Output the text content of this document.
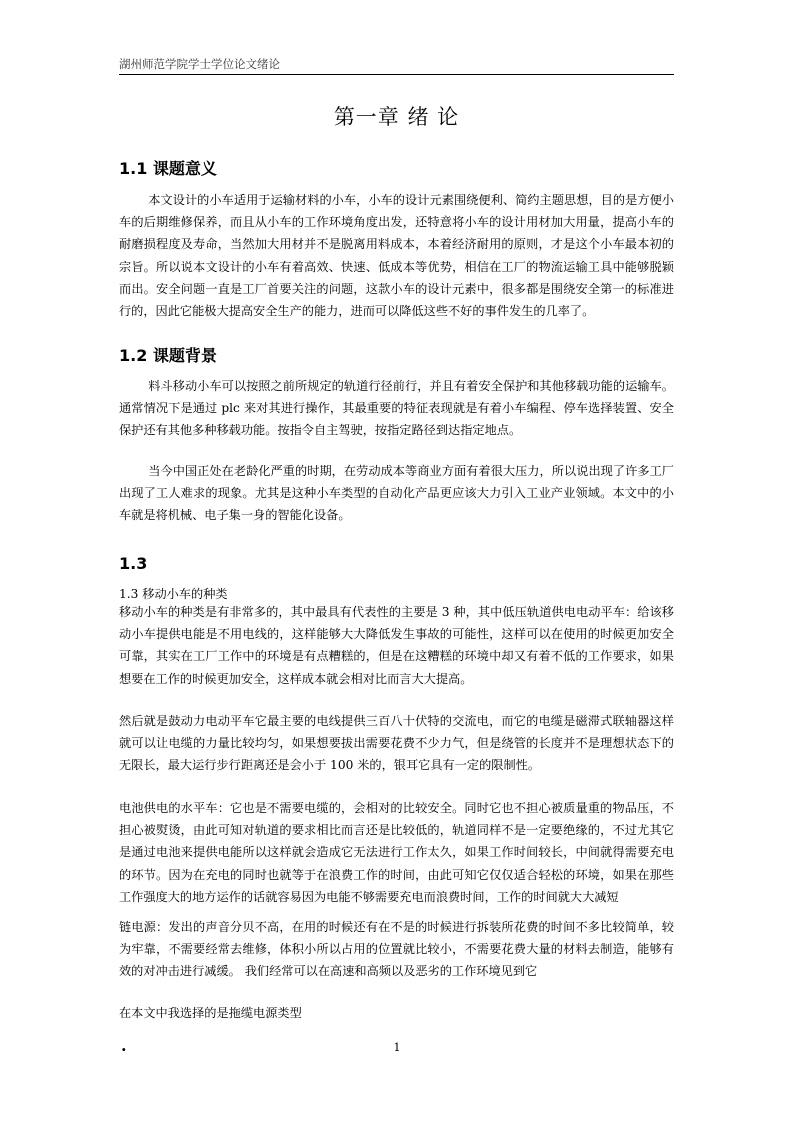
湖州师范学院学士学位论文绪论
第一章 绪 论
1.1 课题意义
本文设计的小车适用于运输材料的小车，小车的设计元素围绕便利、简约主题思想，目的是方便小车的后期维修保养，而且从小车的工作环境角度出发，还特意将小车的设计用材加大用量，提高小车的耐磨损程度及寿命，当然加大用材并不是脱离用料成本，本着经济耐用的原则，才是这个小车最本初的宗旨。所以说本文设计的小车有着高效、快速、低成本等优势，相信在工厂的物流运输工具中能够脱颖而出。安全问题一直是工厂首要关注的问题，这款小车的设计元素中，很多都是围绕安全第一的标准进行的，因此它能极大提高安全生产的能力，进而可以降低这些不好的事件发生的几率了。
1.2 课题背景
料斗移动小车可以按照之前所规定的轨道行径前行，并且有着安全保护和其他移载功能的运输车。通常情况下是通过 plc 来对其进行操作，其最重要的特征表现就是有着小车编程、停车选择装置、安全保护还有其他多种移载功能。按指令自主驾驶，按指定路径到达指定地点。
当今中国正处在老龄化严重的时期，在劳动成本等商业方面有着很大压力，所以说出现了许多工厂出现了工人难求的现象。尤其是这种小车类型的自动化产品更应该大力引入工业产业领域。本文中的小车就是将机械、电子集一身的智能化设备。
1.3
1.3 移动小车的种类
移动小车的种类是有非常多的，其中最具有代表性的主要是 3 种，其中低压轨道供电电动平车：给该移动小车提供电能是不用电线的，这样能够大大降低发生事故的可能性，这样可以在使用的时候更加安全可靠，其实在工厂工作中的环境是有点糟糕的，但是在这糟糕的环境中却又有着不低的工作要求，如果想要在工作的时候更加安全，这样成本就会相对比而言大大提高。
然后就是鼓动力电动平车它最主要的电线提供三百八十伏特的交流电，而它的电缆是磁滞式联轴器这样就可以让电缆的力量比较均匀，如果想要拔出需要花费不少力气，但是绕管的长度并不是理想状态下的无限长，最大运行步行距离还是会小于 100 米的，银耳它具有一定的限制性。
电池供电的水平车：它也是不需要电缆的，会相对的比较安全。同时它也不担心被质量重的物品压，不担心被熨烫，由此可知对轨道的要求相比而言还是比较低的，轨道同样不是一定要绝缘的，不过尤其它是通过电池来提供电能所以这样就会造成它无法进行工作太久，如果工作时间较长，中间就得需要充电的环节。因为在充电的同时也就等于在浪费工作的时间，由此可知它仅仅适合轻松的环境，如果在那些工作强度大的地方运作的话就容易因为电能不够需要充电而浪费时间，工作的时间就大大减短
链电源：发出的声音分贝不高，在用的时候还有在不是的时候进行拆装所花费的时间不多比较简单，较为牢靠，不需要经常去维修，体积小所以占用的位置就比较小，不需要花费大量的材料去制造，能够有效的对冲击进行减缓。 我们经常可以在高速和高频以及恶劣的工作环境见到它
在本文中我选择的是拖缆电源类型
·	1
